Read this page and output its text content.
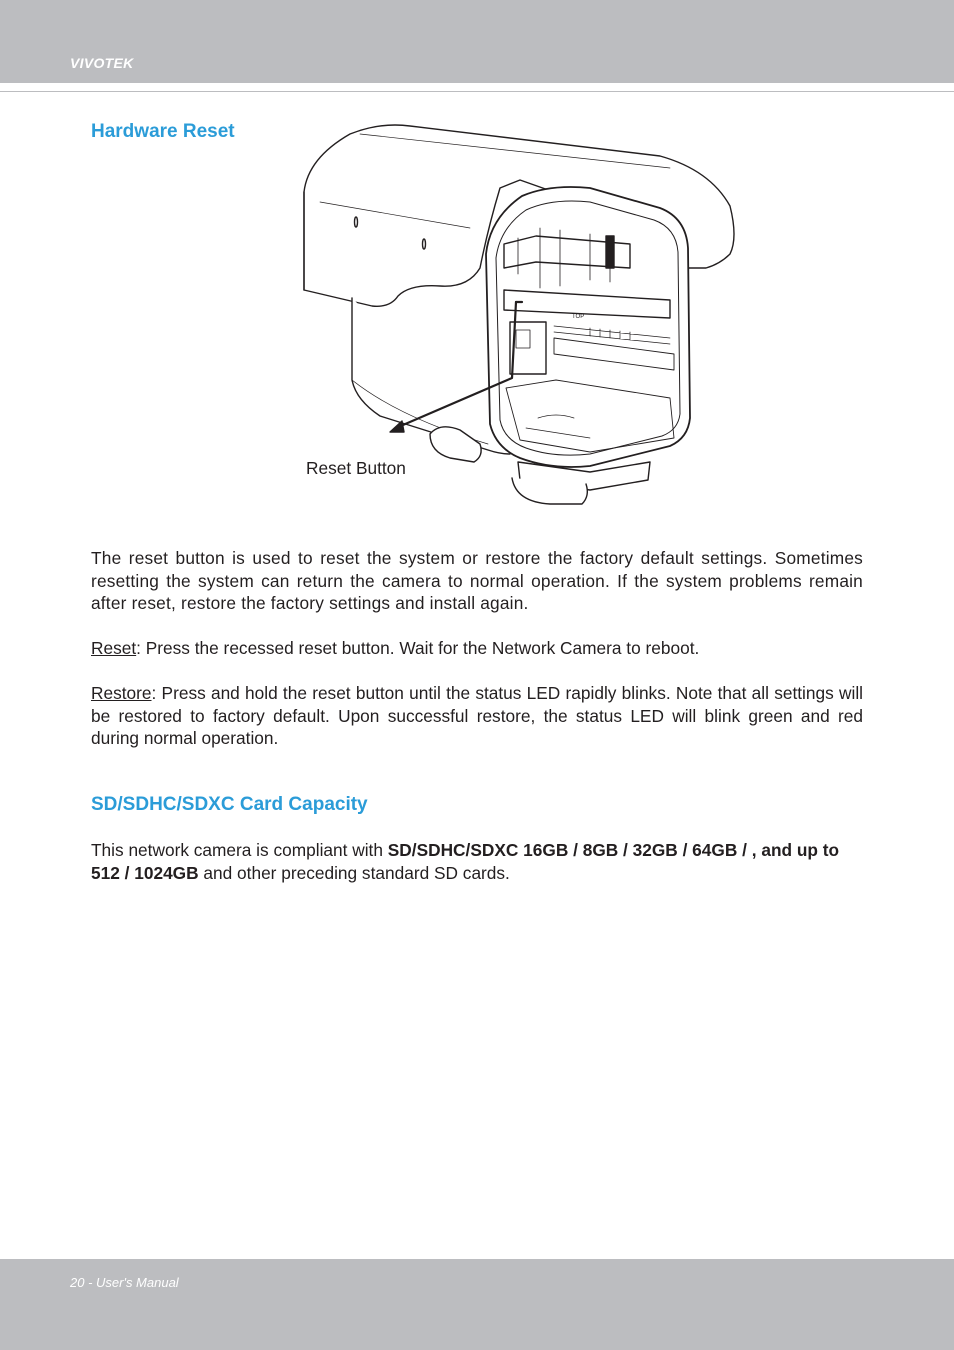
VIVOTEK
Hardware Reset
TOP
Reset Button
The reset button is used to reset the system or restore the factory default settings. Sometimes resetting the system can return the camera to normal operation. If the system problems remain after reset, restore the factory settings and install again.
Reset: Press the recessed reset button. Wait for the Network Camera to reboot.
Restore: Press and hold the reset button until the status LED rapidly blinks. Note that all settings will be restored to factory default. Upon successful restore, the status LED will blink green and red during normal operation.
SD/SDHC/SDXC Card Capacity
This network camera is compliant with SD/SDHC/SDXC 16GB / 8GB / 32GB / 64GB / , and up to 512 / 1024GB and other preceding standard SD cards.
20 - User's Manual
